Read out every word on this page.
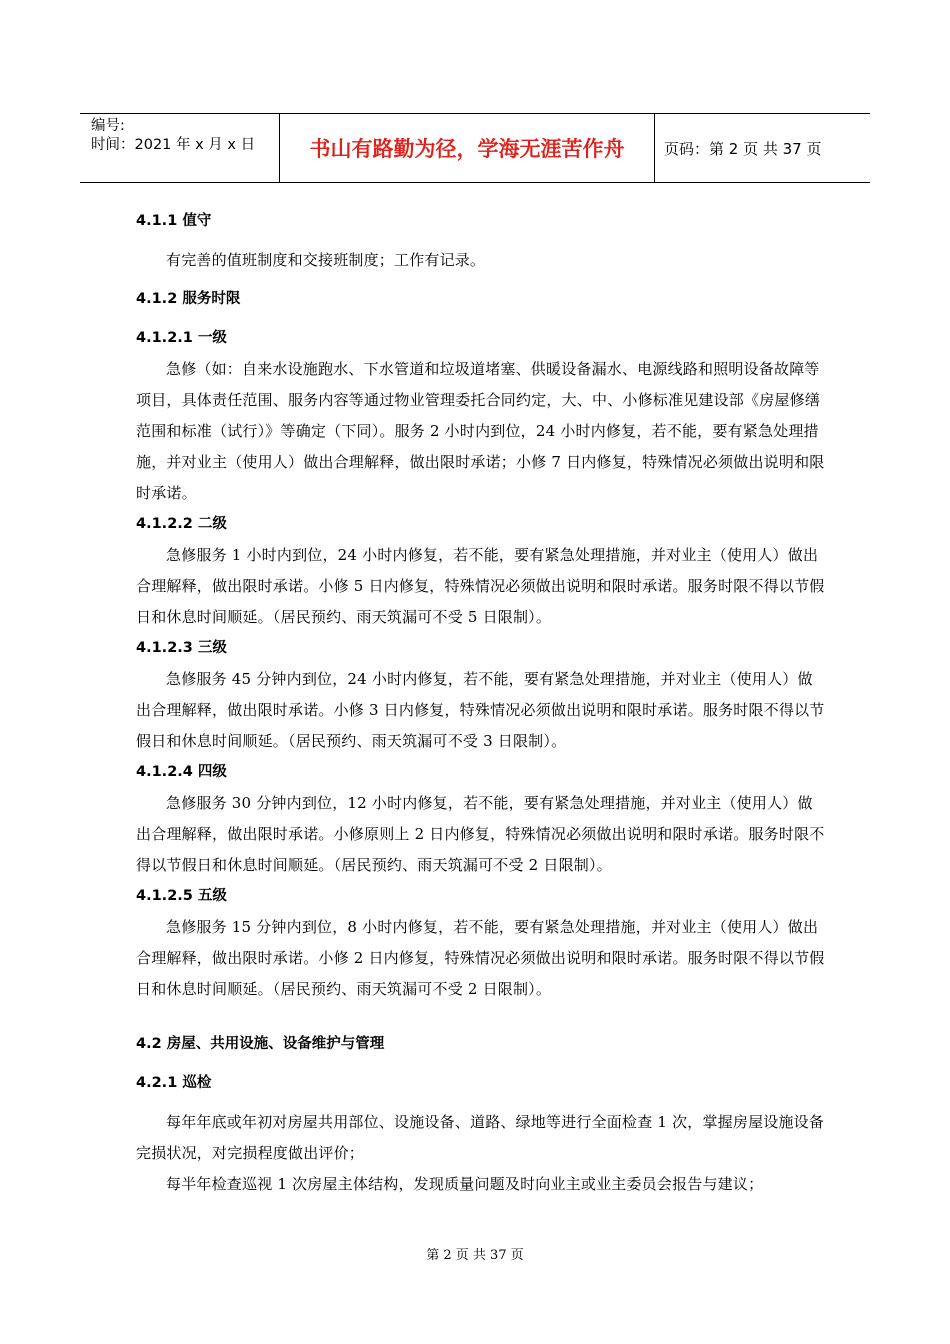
编号:
时间：2021 年 x 月 x 日	书山有路勤为径，学海无涯苦作舟	页码：第 2 页 共 37 页

4.1.1 值守

有完善的值班制度和交接班制度；工作有记录。

4.1.2 服务时限

4.1.2.1 一级

急修（如：自来水设施跑水、下水管道和垃圾道堵塞、供暖设备漏水、电源线路和照明设备故障等项目，具体责任范围、服务内容等通过物业管理委托合同约定，大、中、小修标准见建设部《房屋修缮范围和标准（试行）》等确定（下同）。服务 2 小时内到位，24 小时内修复，若不能，要有紧急处理措施，并对业主（使用人）做出合理解释，做出限时承诺；小修 7 日内修复，特殊情况必须做出说明和限时承诺。

4.1.2.2 二级

急修服务 1 小时内到位，24 小时内修复，若不能，要有紧急处理措施，并对业主（使用人）做出合理解释，做出限时承诺。小修 5 日内修复，特殊情况必须做出说明和限时承诺。服务时限不得以节假日和休息时间顺延。（居民预约、雨天筑漏可不受 5 日限制）。

4.1.2.3 三级

急修服务 45 分钟内到位，24 小时内修复，若不能，要有紧急处理措施，并对业主（使用人）做出合理解释，做出限时承诺。小修 3 日内修复，特殊情况必须做出说明和限时承诺。服务时限不得以节假日和休息时间顺延。（居民预约、雨天筑漏可不受 3 日限制）。

4.1.2.4 四级

急修服务 30 分钟内到位，12 小时内修复，若不能，要有紧急处理措施，并对业主（使用人）做出合理解释，做出限时承诺。小修原则上 2 日内修复，特殊情况必须做出说明和限时承诺。服务时限不得以节假日和休息时间顺延。（居民预约、雨天筑漏可不受 2 日限制）。

4.1.2.5 五级

急修服务 15 分钟内到位，8 小时内修复，若不能，要有紧急处理措施，并对业主（使用人）做出合理解释，做出限时承诺。小修 2 日内修复，特殊情况必须做出说明和限时承诺。服务时限不得以节假日和休息时间顺延。（居民预约、雨天筑漏可不受 2 日限制）。

4.2 房屋、共用设施、设备维护与管理

4.2.1 巡检

每年年底或年初对房屋共用部位、设施设备、道路、绿地等进行全面检查 1 次，掌握房屋设施设备完损状况，对完损程度做出评价；

每半年检查巡视 1 次房屋主体结构，发现质量问题及时向业主或业主委员会报告与建议；

第 2 页 共 37 页
